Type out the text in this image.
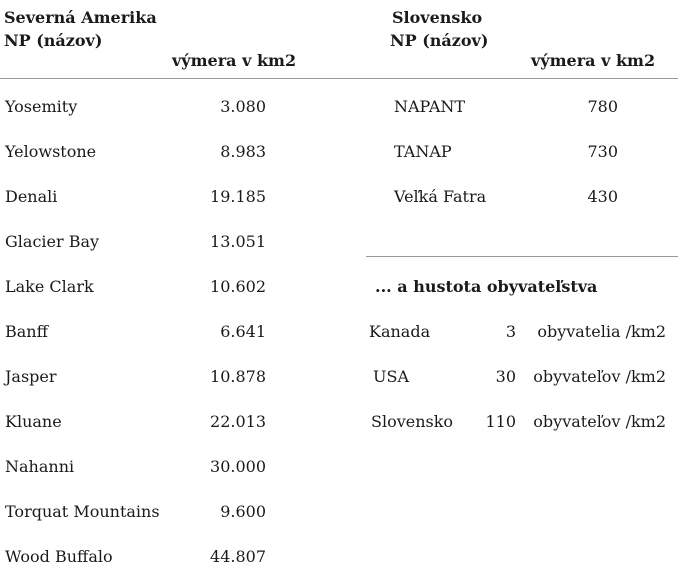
Severná Amerika
NP (názov)
výmera v km2
Yosemity	3.080
Yelowstone	8.983
Denali	19.185
Glacier Bay	13.051
Lake Clark	10.602
Banff	6.641
Jasper	10.878
Kluane	22.013
Nahanni	30.000
Torquat Mountains	9.600
Wood Buffalo	44.807
Slovensko
NP (názov)
výmera v km2
NAPANT	780
TANAP	730
Veľká Fatra	430
... a hustota obyvateľstva
Kanada	3	obyvatelia /km2
USA	30	obyvateľov /km2
Slovensko	110	obyvateľov /km2
